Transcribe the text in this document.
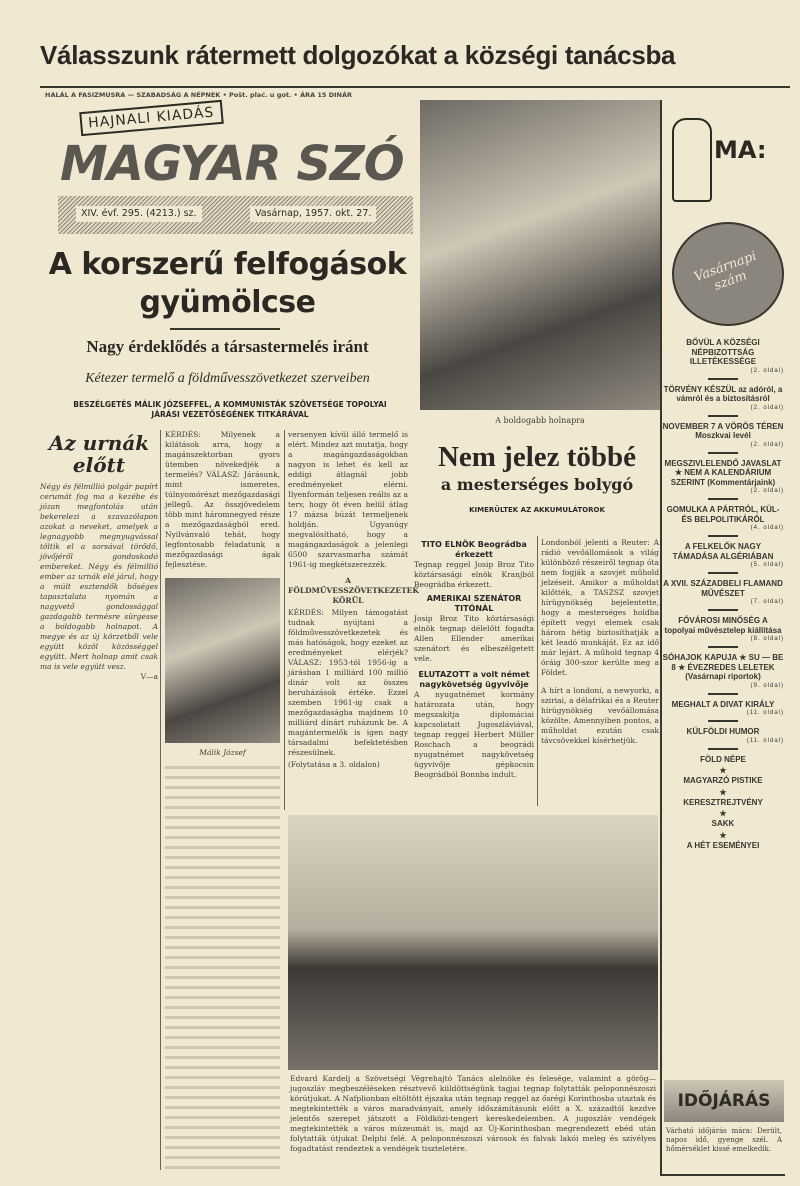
Válasszunk rátermett dolgozókat a községi tanácsba
HALÁL A FASIZMUSRA — SZABADSÁG A NÉPNEK • Pošt. plać. u got. • ÁRA 15 DINÁR
HAJNALI KIADÁS
MAGYAR SZÓ
XIV. évf. 295. (4213.) sz.	Vasárnap, 1957. okt. 27.
A boldogabb holnapra
A korszerű felfogások gyümölcse
Nagy érdeklődés a társastermelés iránt
Kétezer termelő a földművesszövetkezet szerveiben
BESZÉLGETÉS MÁLIK JÓZSEFFEL, A KOMMUNISTÁK SZÖVETSÉGE TOPOLYAI JÁRÁSI VEZETŐSÉGÉNEK TITKÁRÁVAL
Az urnák előtt
Négy és félmillió polgár papírt cerumát fog ma a kezébe és józan megfontolás után bekerelezi a szavazólapon azokat a neveket, amelyek a legnagyobb megnyugvással töltik el a sorsával törődő, jövőjéről gondoskodó embereket. Négy és félmillió ember az urnák elé járul, hogy a múlt esztendők bőséges tapasztalata nyomán a nagyvető gondossággal gazdagabb termésre sürgesse a boldogabb holnapot. A megye és az új körzetből vele együtt közöl közösséggel együtt. Mert holnap amit csak ma is vele együtt vesz.
V—a
KÉRDÉS: Milyenek a kilátások arra, hogy a magánszektorban gyors ütemben növekedjék a termelés? VÁLASZ: Járásunk, mint ismeretes, túlnyomórészt mezőgazdasági jellegű. Az összjövedelem több mint háromnegyed része a mezőgazdaságból ered. Nyilvánvaló tehát, hogy legfontosabb feladatunk a mezőgazdasági ágak fejlesztése.
Málik József
versenyen kívül álló termelő is elért. Mindez azt mutatja, hogy a magángazdaságokban nagyon is lehet és kell az eddigi átlagnál jobb eredményeket elérni. Ilyenformán teljesen reális az a terv, hogy öt éven belül átlag 17 mázsa búzát termeljenek holdján. Ugyanúgy megvalósítható, hogy a magángazdaságok a jelenlegi 6500 szarvasmarha számát 1961-ig megkétszerezzék.
A FÖLDMŰVESSZÖVETKEZETEK KÖRÜL
KÉRDÉS: Milyen támogatást tudnak nyújtani a földművesszövetkezetek és más hatóságok, hogy ezeket az eredményeket elérjék? VÁLASZ: 1953-tól 1956-ig a járásban 1 milliárd 100 millió dinár volt az összes beruházások értéke. Ezzel szemben 1961-ig csak a mezőgazdaságba majdnem 10 milliárd dinárt ruházunk be. A magántermelők is igen nagy társadalmi befektetésben részesülnek.
(Folytatása a 3. oldalon)
Nem jelez többé
a mesterséges bolygó
KIMERÜLTEK AZ AKKUMULÁTOROK
TITO ELNÖK Beográdba érkezett
Tegnap reggel Josip Broz Tito köztársasági elnök Kranjból Beográdba érkezett.
AMERIKAI SZENÁTOR TITÓNÁL
Josip Broz Tito köztársasági elnök tegnap délelőtt fogadta Allen Ellender amerikai szenátort és elbeszélgetett vele.
ELUTAZOTT a volt német nagykövetség ügyvivője
A nyugatnémet kormány határozata után, hogy megszakítja diplomáciai kapcsolatait Jugoszláviával, tegnap reggel Herbert Müller Roschach a beográdi nyugatnémet nagykövetség ügyvivője gépkocsin Beográdból Bonnba indult.
Londonból jelenti a Reuter: A rádió vevőállomások a világ különböző részeiről tegnap óta nem fogják a szovjet műhold jelzéseit. Amikor a műholdat kilőtték, a TASZSZ szovjet hírügynökség bejelentette, hogy a mesterséges holdba épített vegyi elemek csak három hétig biztosíthatják a két leadó munkáját. Ez az idő már lejárt. A műhold tegnap 4 óráig 300-szor kerülte meg a Földet.
A hírt a londoni, a newyorki, a sziriai, a délafrikai és a Reuter hírügynökség vevőállomása közölte. Amennyiben pontos, a műholdat ezután csak távcsövekkel kísérhetjük.
Edvard Kardelj a Szövetségi Végrehajtó Tanács alelnöke és felesége, valamint a görög—jugoszláv megbeszéléseken résztvevő küldöttségünk tagjai tegnap folytatták peloponnészoszi körútjukat. A Nafplionban eltöltött éjszaka után tegnap reggel az ősrégi Korinthosba utaztak és megtekintették a város maradványait, amely időszámításunk előtt a X. századtól kezdve jelentős szerepet játszott a Földközi-tengeri kereskedelemben. A jugoszláv vendégek megtekintették a város múzeumát is, majd az Új-Korinthosban megrendezett ebéd után folytatták útjukat Delphi felé. A peloponnészoszi városok és falvak lakói meleg és szívélyes fogadtatást rendeztek a vendégek tiszteletére.
MA:
Vasárnapi szám
BŐVÜL A KÖZSÉGI NÉPBIZOTTSÁG ILLETÉKESSÉGE
(2. oldal)
TÖRVÉNY KÉSZÜL az adóról, a vámról és a biztosításról
(2. oldal)
NOVEMBER 7 A VÖRÖS TÉREN Moszkvai levél
(2. oldal)
MEGSZIVLELENDŐ JAVASLAT ★ NEM A KALENDÁRIUM SZERINT (Kommentárjaink)
(2. oldal)
GOMULKA A PÁRTRÓL, KÜL- ÉS BELPOLITIKÁRÓL
(4. oldal)
A FELKELŐK NAGY TÁMADÁSA ALGÉRIÁBAN
(5. oldal)
A XVII. SZÁZADBELI FLAMAND MŰVÉSZET
(7. oldal)
FŐVÁROSI MINŐSÉG A topolyai művésztelep kiállítása
(8. oldal)
SÓHAJOK KAPUJA ★ SU — BE 8 ★ ÉVEZREDES LELETEK (Vasárnapi riportok)
(9. oldal)
MEGHALT A DIVAT KIRÁLY
(11. oldal)
KÜLFÖLDI HUMOR
(11. oldal)
FÖLD NÉPE
★
MAGYARZÓ PISTIKE
★
KERESZTREJTVÉNY
★
SAKK
★
A HÉT ESEMÉNYEI
IDŐJÁRÁS
Várható időjárás mára: Derült, napos idő, gyenge szél. A hőmérséklet kissé emelkedik.
